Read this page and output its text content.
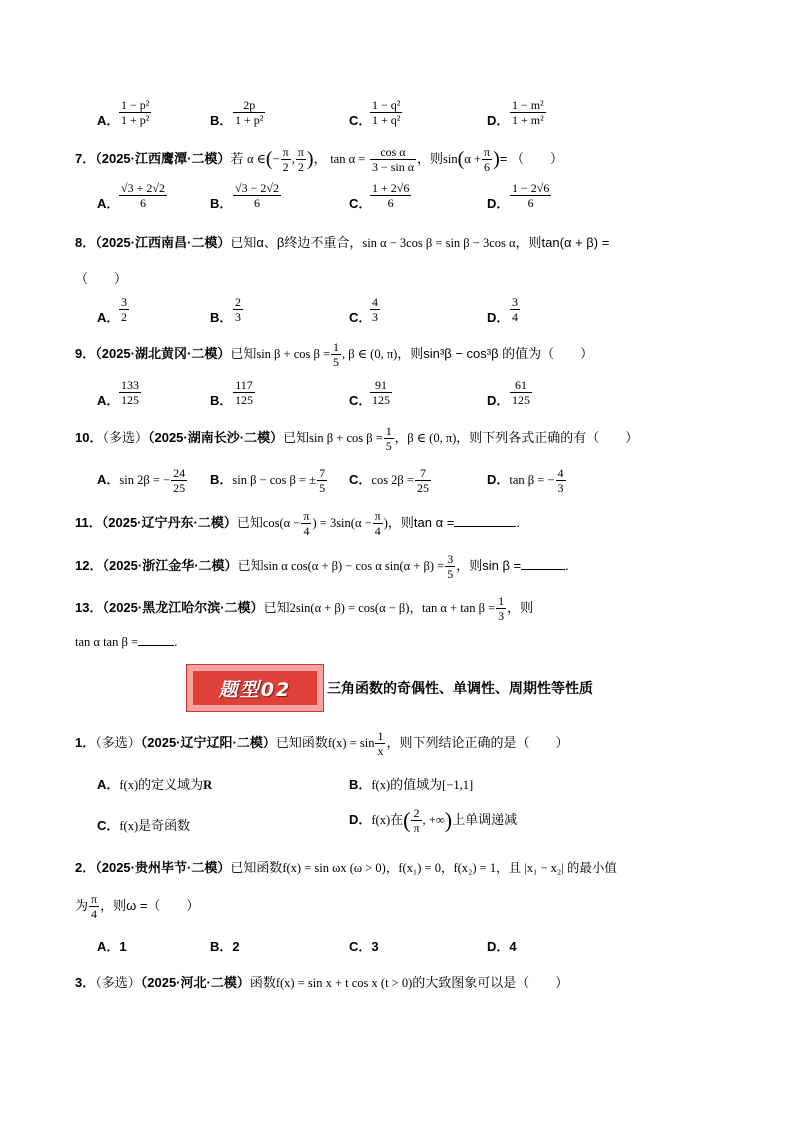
A． $\frac{\text{1 − p²}}{\text{1 + p²}}$	B． $\frac{2p}{\text{1 + p²}}$	C．
$\frac{\text{1 − q²}}{\text{1 + q²}}$	D． $\frac{\text{1 − m²}}{\text{1 + m²}}$
7．（2025·江西鹰潭·二模）若 α ∈(− $\frac{\pi}{2}$ , $\frac{\pi}{2}$ )， $\tan \alpha = \frac{\text{cos α}}{\text{3 − sin α}}$ ，则$\sin(\alpha + \frac{\pi}{6}$ )= （　　）
A． $\frac{√3 + 2√2}{6}$	B． $\frac{√3 - 2√2}{6}$	C．
$\frac{1 + 2√6}{6}$	D． $\frac{1 - 2√6}{6}$
8．（2025·江西南昌·二模）已知α、β终边不重合，sin α − 3cos β = sin β − 3cos α，则tan(α + β) =
（　　）
A． $\frac{3}{2}$	B． $\frac{2}{3}$	C．
$\frac{4}{3}$	D． $\frac{3}{4}$
9．（2025·湖北黄冈·二模）已知$\sin \beta + \cos \beta = \frac{1}{5}$ , β ∈ (0, π)，则sin³β − cos³β 的值为（　　）
A． $\frac{133}{125}$	B． $\frac{117}{125}$	C．
$\frac{91}{125}$	D． $\frac{61}{125}$
10．（多选）（2025·湖南长沙·二模）已知$\sin \beta + \cos \beta = \frac{1}{5}$ ，β ∈ (0, π)，则下列各式正确的有（　　）
A．sin 2β = − $\frac{24}{25}$ B．sin β − cos β = ± $\frac{7}{5}$ C．$\cos 2\beta = \frac{7}{25}$	D．tan β = − $\frac{4}{3}$
11．（2025·辽宁丹东·二模）已知$\cos(\alpha - \frac{\pi}{4}$ ) = $3\sin(\alpha - \frac{\pi}{4}$ )，则tan α =	.
12．（2025·浙江金华·二模）已知sin α cos(α + β) − cos α $\sin(\alpha + \beta) = \frac{3}{5}$ ，则sin β =	.
13．（2025·黑龙江哈尔滨·二模）已知2sin(α + β) = cos(α − β)，$\tan \alpha + \tan \beta = \frac{1}{3}$ ，则
tan α tan β =	.
题型02	三角函数的奇偶性、单调性、周期性等性质
1．（多选）（2025·辽宁辽阳·二模）已知函数$f(x) = \sin \frac{1}{x}$ ，则下列结论正确的是（　　）
A．f(x)的定义域为R	B．f(x)的值域为[−1,1]
C．f(x)是奇函数	D．f(x)在( $\frac{2}{\pi}$ , +∞)上单调递减
2．（2025·贵州毕节·二模）已知函数f(x) = sin ωx (ω > 0)，f(x₁) = 0，f(x₂) = 1，且 |x₁ − x₂| 的最小值
为 $\frac{\pi}{4}$ ，则ω =（　　）
A．1	B．2	C．3	D．4
3．（多选）（2025·河北·二模）函数f(x) = sin x + t cos x (t > 0)的大致图象可以是（　　）
